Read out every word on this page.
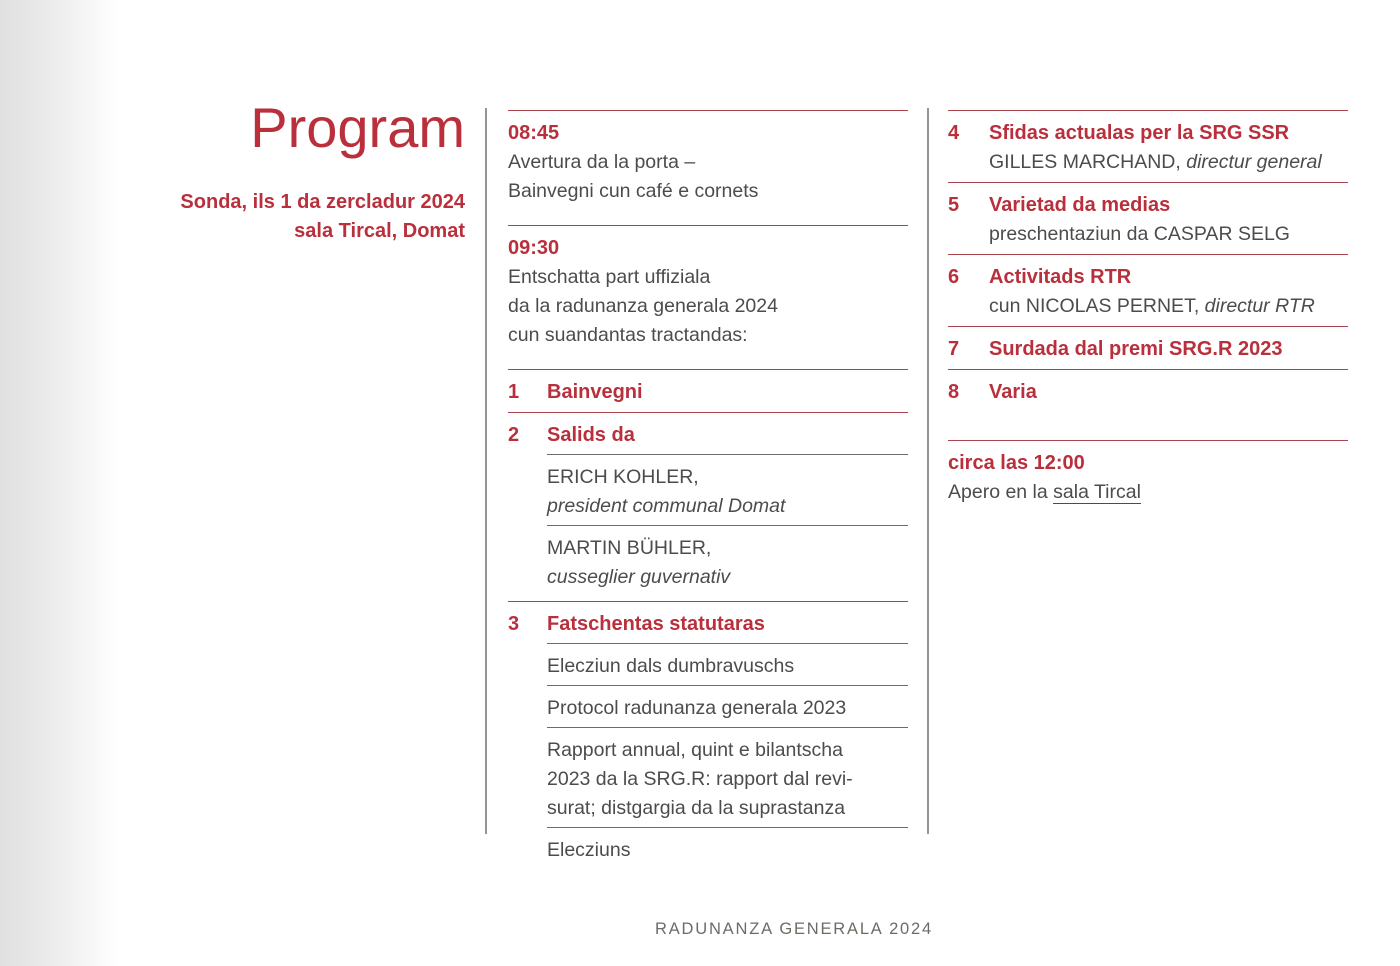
Program
Sonda, ils 1 da zercladur 2024
sala Tircal, Domat
08:45
Avertura da la porta –
Bainvegni cun café e cornets
09:30
Entschatta part uffiziala
da la radunanza generala 2024
cun suandantas tractandas:
1	Bainvegni
2	Salids da
ERICH KOHLER,
president communal Domat
MARTIN BÜHLER,
cusseglier guvernativ
3	Fatschentas statutaras
Elecziun dals dumbravuschs
Protocol radunanza generala 2023
Rapport annual, quint e bilantscha
2023 da la SRG.R: rapport dal revi-
surat; distgargia da la suprastanza
Elecziuns
4	Sfidas actualas per la SRG SSR
GILLES MARCHAND, directur general
5	Varietad da medias
preschentaziun da CASPAR SELG
6	Activitads RTR
cun NICOLAS PERNET, directur RTR
7	Surdada dal premi SRG.R 2023
8	Varia
circa las 12:00
Apero en la sala Tircal
RADUNANZA GENERALA 2024
